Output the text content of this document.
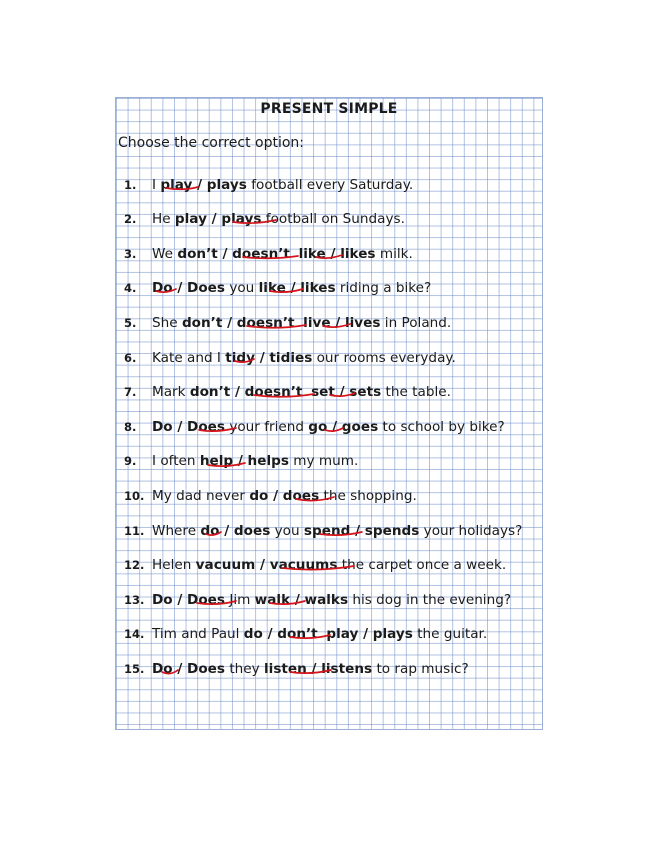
PRESENT SIMPLE
Choose the correct option:
1.	I play / plays football every Saturday.
2.	He play / plays football on Sundays.
3.	We don’t / doesn’t like / likes milk.
4.	Do / Does you like / likes riding a bike?
5.	She don’t / doesn’t live / lives in Poland.
6.	Kate and I tidy / tidies our rooms everyday.
7.	Mark don’t / doesn’t set / sets the table.
8.	Do / Does your friend go / goes to school by bike?
9.	I often help / helps my mum.
10. My dad never do / does the shopping.
11. Where do / does you spend / spends your holidays?
12. Helen vacuum / vacuums the carpet once a week.
13. Do / Does Jim walk / walks his dog in the evening?
14. Tim and Paul do / don’t play / plays the guitar.
15. Do / Does they listen / listens to rap music?
